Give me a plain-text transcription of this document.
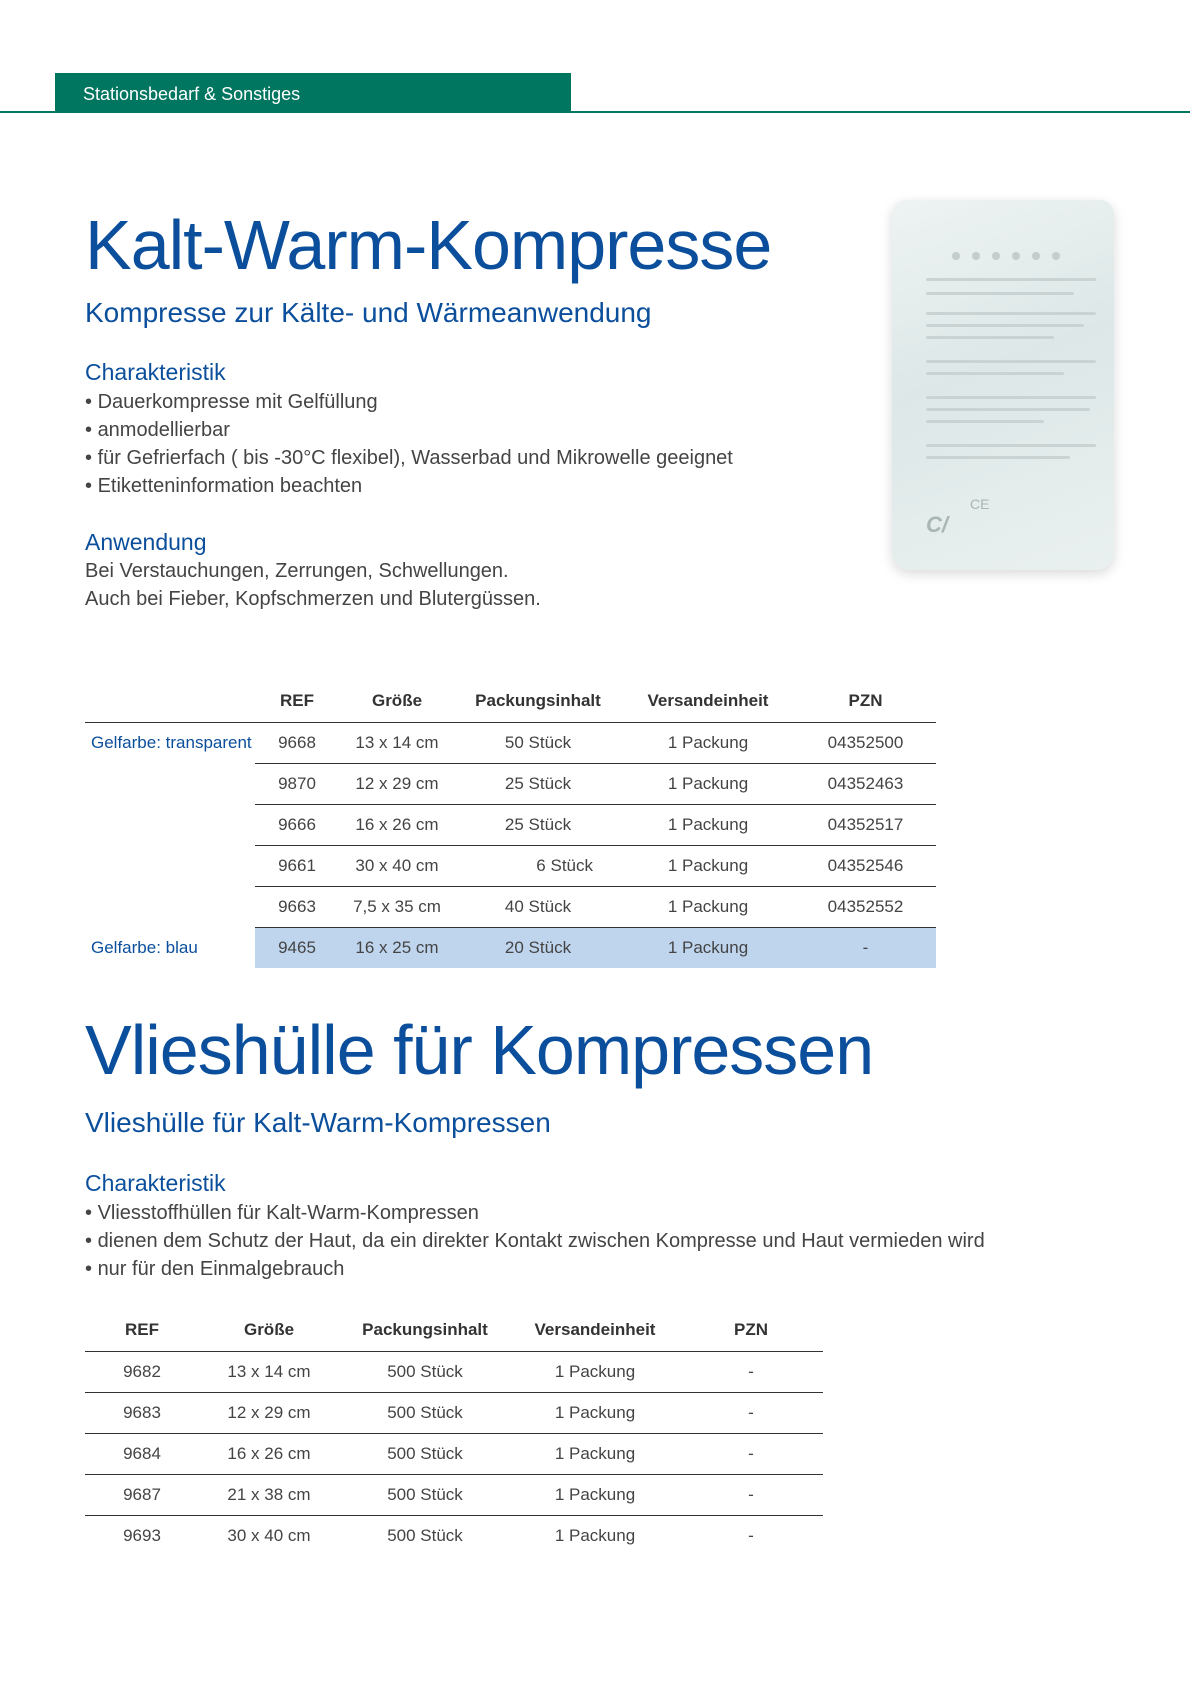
Stationsbedarf & Sonstiges
Kalt-Warm-Kompresse
Kompresse zur Kälte- und Wärmeanwendung
Charakteristik
• Dauerkompresse mit Gelfüllung
• anmodellierbar
• für Gefrierfach ( bis -30°C flexibel), Wasserbad und Mikrowelle geeignet
• Etiketteninformation beachten
Anwendung
Bei Verstauchungen, Zerrungen, Schwellungen.
Auch bei Fieber, Kopfschmerzen und Blutergüssen.
CE
C/
	REF	Größe	Packungsinhalt	Versandeinheit	PZN
Gelfarbe: transparent	9668	13 x 14 cm	50 Stück	1 Packung	04352500
	9870	12 x 29 cm	25 Stück	1 Packung	04352463
	9666	16 x 26 cm	25 Stück	1 Packung	04352517
	9661	30 x 40 cm	6 Stück	1 Packung	04352546
	9663	7,5 x 35 cm	40 Stück	1 Packung	04352552
Gelfarbe: blau	9465	16 x 25 cm	20 Stück	1 Packung	-
Vlieshülle für Kompressen
Vlieshülle für Kalt-Warm-Kompressen
Charakteristik
• Vliesstoffhüllen für Kalt-Warm-Kompressen
• dienen dem Schutz der Haut, da ein direkter Kontakt zwischen Kompresse und Haut vermieden wird
• nur für den Einmalgebrauch
REF	Größe	Packungsinhalt	Versandeinheit	PZN
9682	13 x 14 cm	500 Stück	1 Packung	-
9683	12 x 29 cm	500 Stück	1 Packung	-
9684	16 x 26 cm	500 Stück	1 Packung	-
9687	21 x 38 cm	500 Stück	1 Packung	-
9693	30 x 40 cm	500 Stück	1 Packung	-
